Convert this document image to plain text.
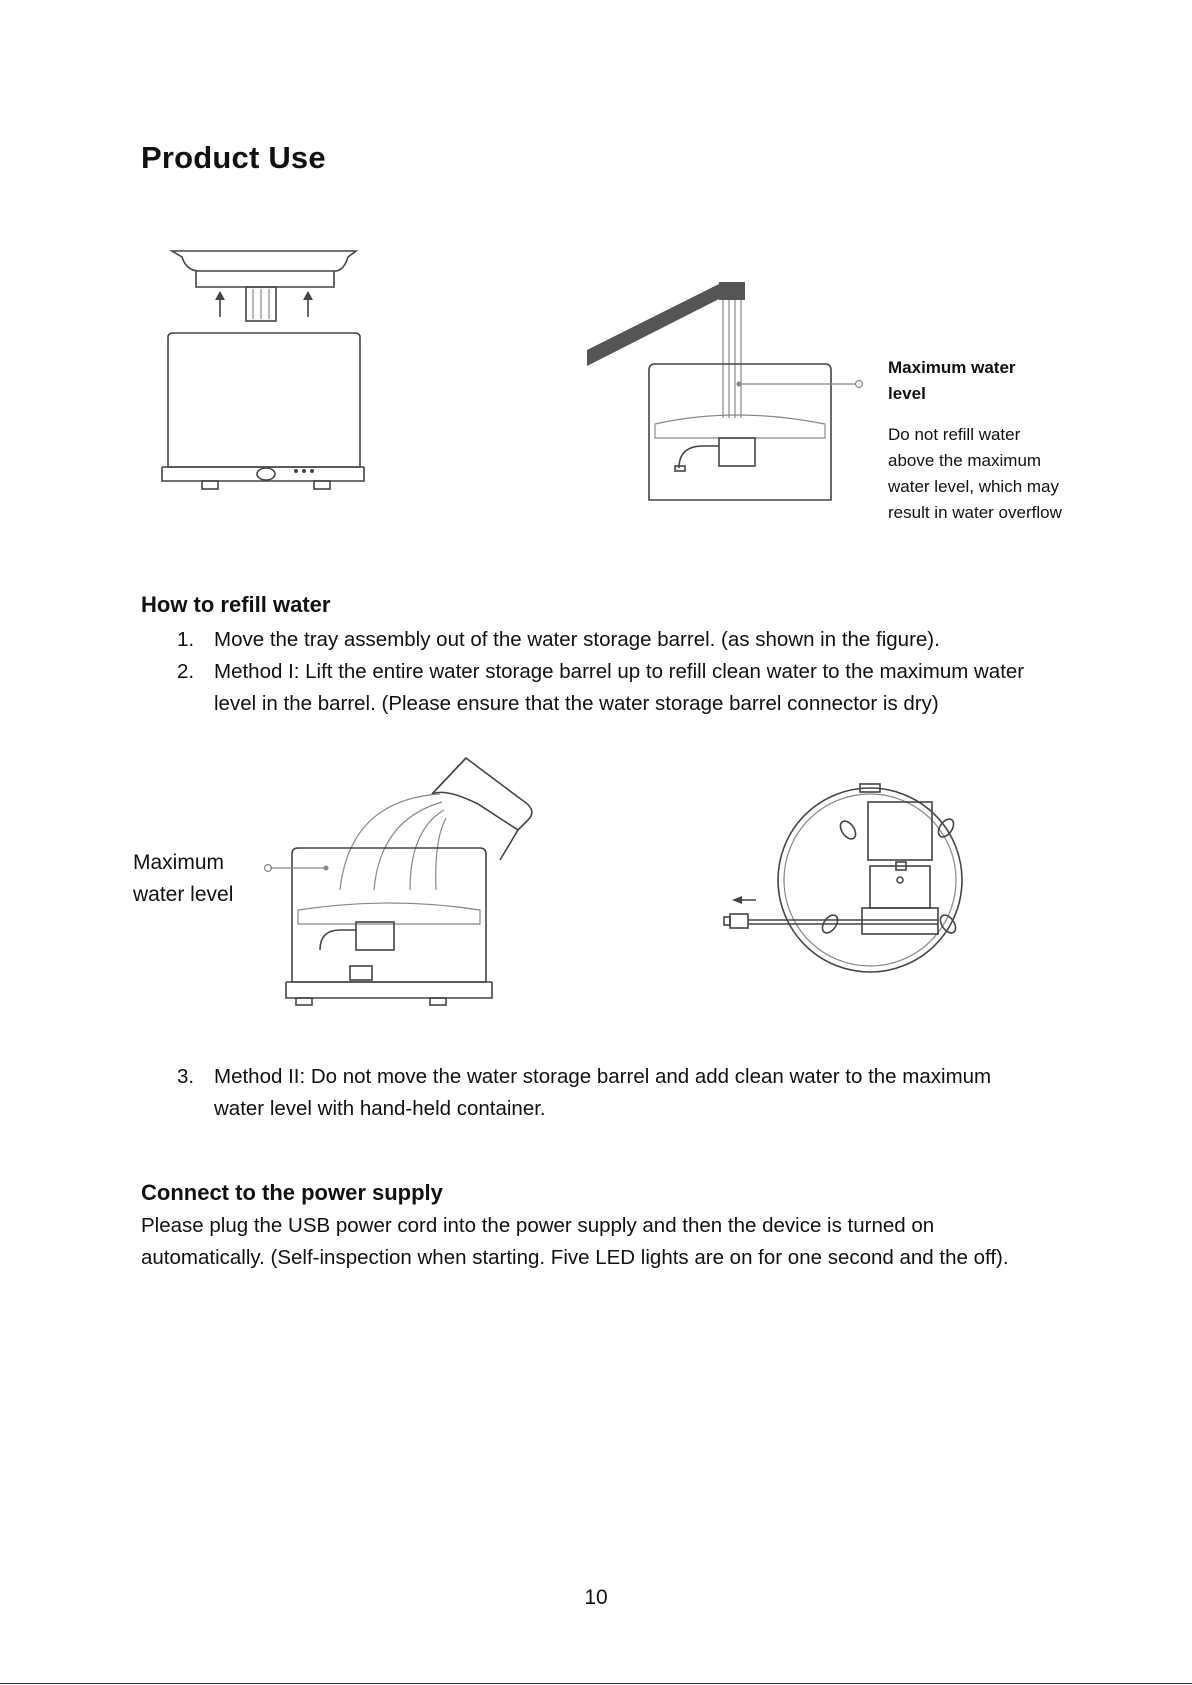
Product Use
Maximum water level
Do not refill water above the maximum water level, which may result in water overflow
How to refill water
1. Move the tray assembly out of the water storage barrel. (as shown in the figure).
2. Method I: Lift the entire water storage barrel up to refill clean water to the maximum water level in the barrel. (Please ensure that the water storage barrel connector is dry)
Maximum water level
3. Method II: Do not move the water storage barrel and add clean water to the maximum water level with hand-held container.
Connect to the power supply
Please plug the USB power cord into the power supply and then the device is turned on automatically. (Self-inspection when starting. Five LED lights are on for one second and the off).
10
